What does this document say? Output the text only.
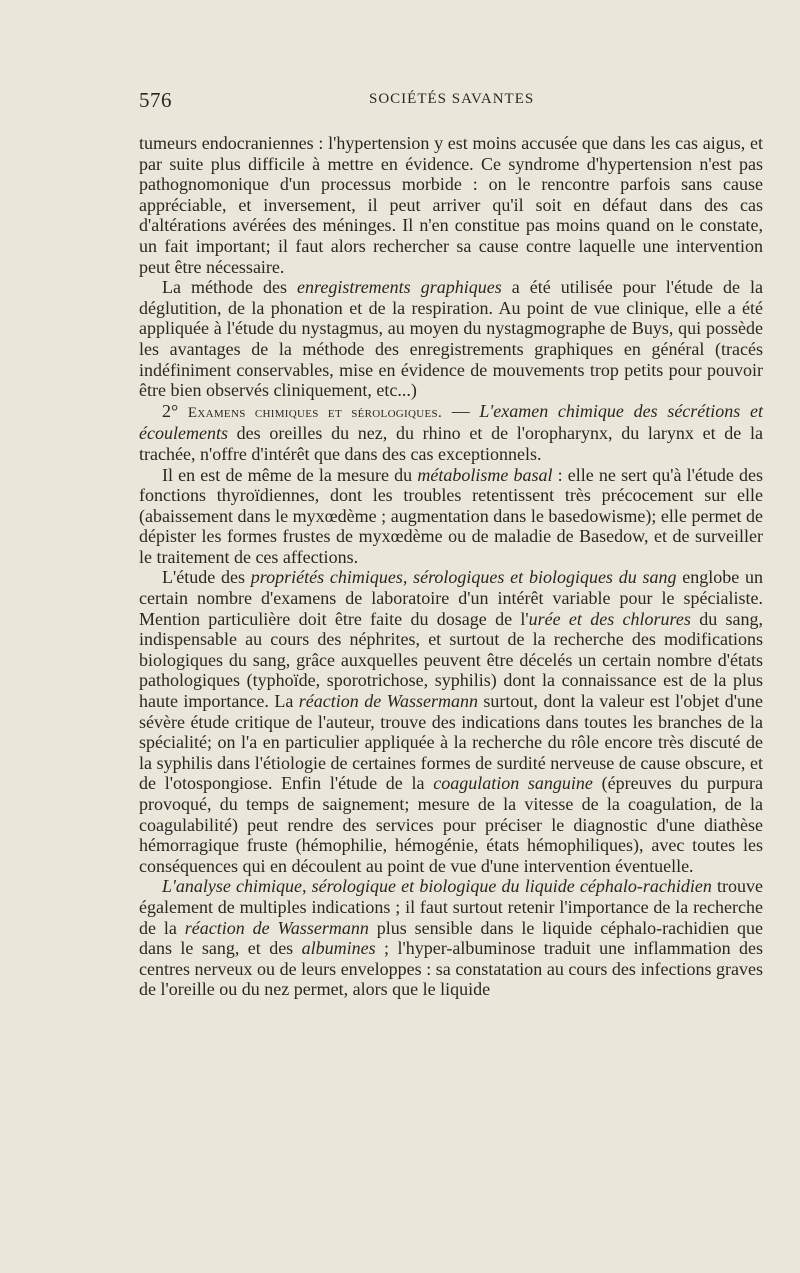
576	SOCIÉTÉS SAVANTES

tumeurs endocraniennes : l'hypertension y est moins accusée que dans les cas aigus, et par suite plus difficile à mettre en évidence. Ce syndrome d'hypertension n'est pas pathognomonique d'un processus morbide : on le rencontre parfois sans cause appréciable, et inversement, il peut arriver qu'il soit en défaut dans des cas d'altérations avérées des méninges. Il n'en constitue pas moins quand on le constate, un fait important; il faut alors rechercher sa cause contre laquelle une intervention peut être nécessaire.

La méthode des enregistrements graphiques a été utilisée pour l'étude de la déglutition, de la phonation et de la respiration. Au point de vue clinique, elle a été appliquée à l'étude du nystagmus, au moyen du nystagmographe de Buys, qui possède les avantages de la méthode des enregistrements graphiques en général (tracés indéfiniment conservables, mise en évidence de mouvements trop petits pour pouvoir être bien observés cliniquement, etc...)

2° Examens chimiques et sérologiques. — L'examen chimique des sécrétions et écoulements des oreilles du nez, du rhino et de l'oropharynx, du larynx et de la trachée, n'offre d'intérêt que dans des cas exceptionnels.

Il en est de même de la mesure du métabolisme basal : elle ne sert qu'à l'étude des fonctions thyroïdiennes, dont les troubles retentissent très précocement sur elle (abaissement dans le myxœdème ; augmentation dans le basedowisme); elle permet de dépister les formes frustes de myxœdème ou de maladie de Basedow, et de surveiller le traitement de ces affections.

L'étude des propriétés chimiques, sérologiques et biologiques du sang englobe un certain nombre d'examens de laboratoire d'un intérêt variable pour le spécialiste. Mention particulière doit être faite du dosage de l'urée et des chlorures du sang, indispensable au cours des néphrites, et surtout de la recherche des modifications biologiques du sang, grâce auxquelles peuvent être décelés un certain nombre d'états pathologiques (typhoïde, sporotrichose, syphilis) dont la connaissance est de la plus haute importance. La réaction de Wassermann surtout, dont la valeur est l'objet d'une sévère étude critique de l'auteur, trouve des indications dans toutes les branches de la spécialité; on l'a en particulier appliquée à la recherche du rôle encore très discuté de la syphilis dans l'étiologie de certaines formes de surdité nerveuse de cause obscure, et de l'otospongiose. Enfin l'étude de la coagulation sanguine (épreuves du purpura provoqué, du temps de saignement; mesure de la vitesse de la coagulation, de la coagulabilité) peut rendre des services pour préciser le diagnostic d'une diathèse hémorragique fruste (hémophilie, hémogénie, états hémophiliques), avec toutes les conséquences qui en découlent au point de vue d'une intervention éventuelle.

L'analyse chimique, sérologique et biologique du liquide céphalo-rachidien trouve également de multiples indications ; il faut surtout retenir l'importance de la recherche de la réaction de Wassermann plus sensible dans le liquide céphalo-rachidien que dans le sang, et des albumines ; l'hyper-albuminose traduit une inflammation des centres nerveux ou de leurs enveloppes : sa constatation au cours des infections graves de l'oreille ou du nez permet, alors que le liquide
